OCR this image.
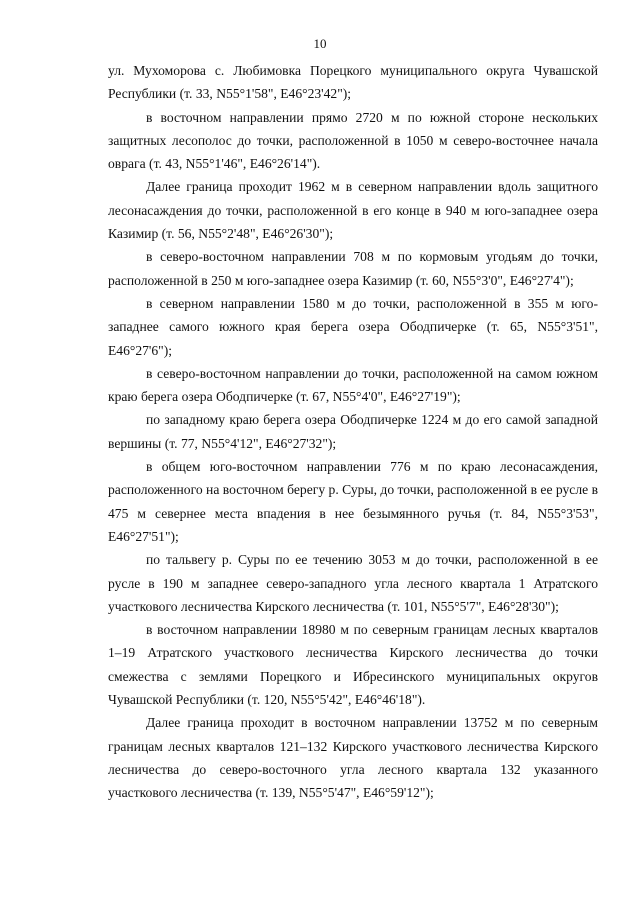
10

ул. Мухоморова с. Любимовка Порецкого муниципального округа Чувашской Республики (т. 33, N55°1'58", E46°23'42");

в восточном направлении прямо 2720 м по южной стороне нескольких защитных лесополос до точки, расположенной в 1050 м северо-восточнее начала оврага (т. 43, N55°1'46", E46°26'14").

Далее граница проходит 1962 м в северном направлении вдоль защитного лесонасаждения до точки, расположенной в его конце в 940 м юго-западнее озера Казимир (т. 56, N55°2'48", E46°26'30");

в северо-восточном направлении 708 м по кормовым угодьям до точки, расположенной в 250 м юго-западнее озера Казимир (т. 60, N55°3'0", E46°27'4");

в северном направлении 1580 м до точки, расположенной в 355 м юго-западнее самого южного края берега озера Ободпичерке (т. 65, N55°3'51", E46°27'6");

в северо-восточном направлении до точки, расположенной на самом южном краю берега озера Ободпичерке (т. 67, N55°4'0", E46°27'19");

по западному краю берега озера Ободпичерке 1224 м до его самой западной вершины (т. 77, N55°4'12", E46°27'32");

в общем юго-восточном направлении 776 м по краю лесонасаждения, расположенного на восточном берегу р. Суры, до точки, расположенной в ее русле в 475 м севернее места впадения в нее безымянного ручья (т. 84, N55°3'53", E46°27'51");

по тальвегу р. Суры по ее течению 3053 м до точки, расположенной в ее русле в 190 м западнее северо-западного угла лесного квартала 1 Атратского участкового лесничества Кирского лесничества (т. 101, N55°5'7", E46°28'30");

в восточном направлении 18980 м по северным границам лесных кварталов 1–19 Атратского участкового лесничества Кирского лесничества до точки смежества с землями Порецкого и Ибресинского муниципальных округов Чувашской Республики (т. 120, N55°5'42", E46°46'18").

Далее граница проходит в восточном направлении 13752 м по северным границам лесных кварталов 121–132 Кирского участкового лесничества Кирского лесничества до северо-восточного угла лесного квартала 132 указанного участкового лесничества (т. 139, N55°5'47", E46°59'12");
